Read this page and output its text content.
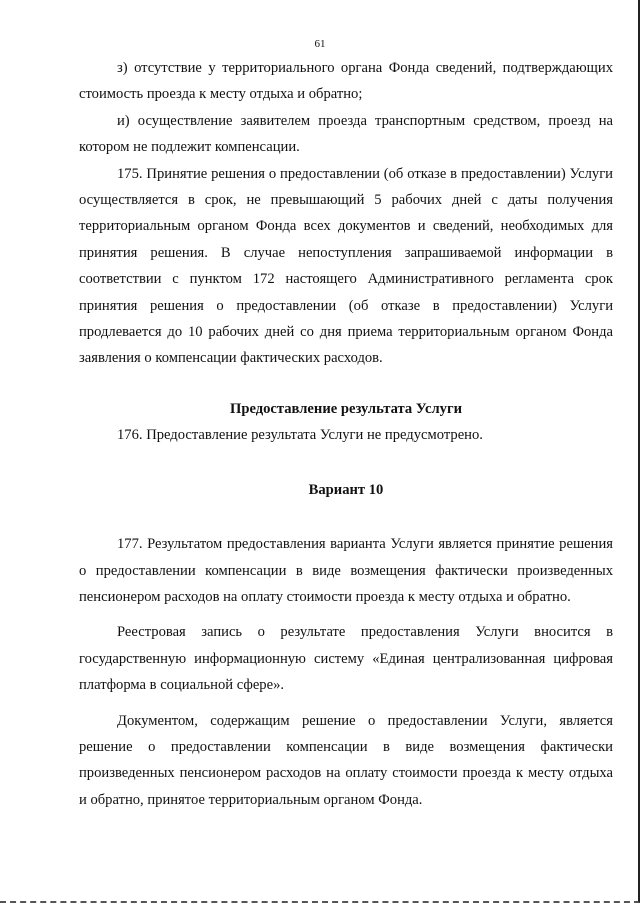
61

з) отсутствие у территориального органа Фонда сведений, подтверждающих стоимость проезда к месту отдыха и обратно;

и) осуществление заявителем проезда транспортным средством, проезд на котором не подлежит компенсации.

175. Принятие решения о предоставлении (об отказе в предоставлении) Услуги осуществляется в срок, не превышающий 5 рабочих дней с даты получения территориальным органом Фонда всех документов и сведений, необходимых для принятия решения. В случае непоступления запрашиваемой информации в соответствии с пунктом 172 настоящего Административного регламента срок принятия решения о предоставлении (об отказе в предоставлении) Услуги продлевается до 10 рабочих дней со дня приема территориальным органом Фонда заявления о компенсации фактических расходов.

Предоставление результата Услуги

176. Предоставление результата Услуги не предусмотрено.

Вариант 10

177. Результатом предоставления варианта Услуги является принятие решения о предоставлении компенсации в виде возмещения фактически произведенных пенсионером расходов на оплату стоимости проезда к месту отдыха и обратно.

Реестровая запись о результате предоставления Услуги вносится в государственную информационную систему «Единая централизованная цифровая платформа в социальной сфере».

Документом, содержащим решение о предоставлении Услуги, является решение о предоставлении компенсации в виде возмещения фактически произведенных пенсионером расходов на оплату стоимости проезда к месту отдыха и обратно, принятое территориальным органом Фонда.
